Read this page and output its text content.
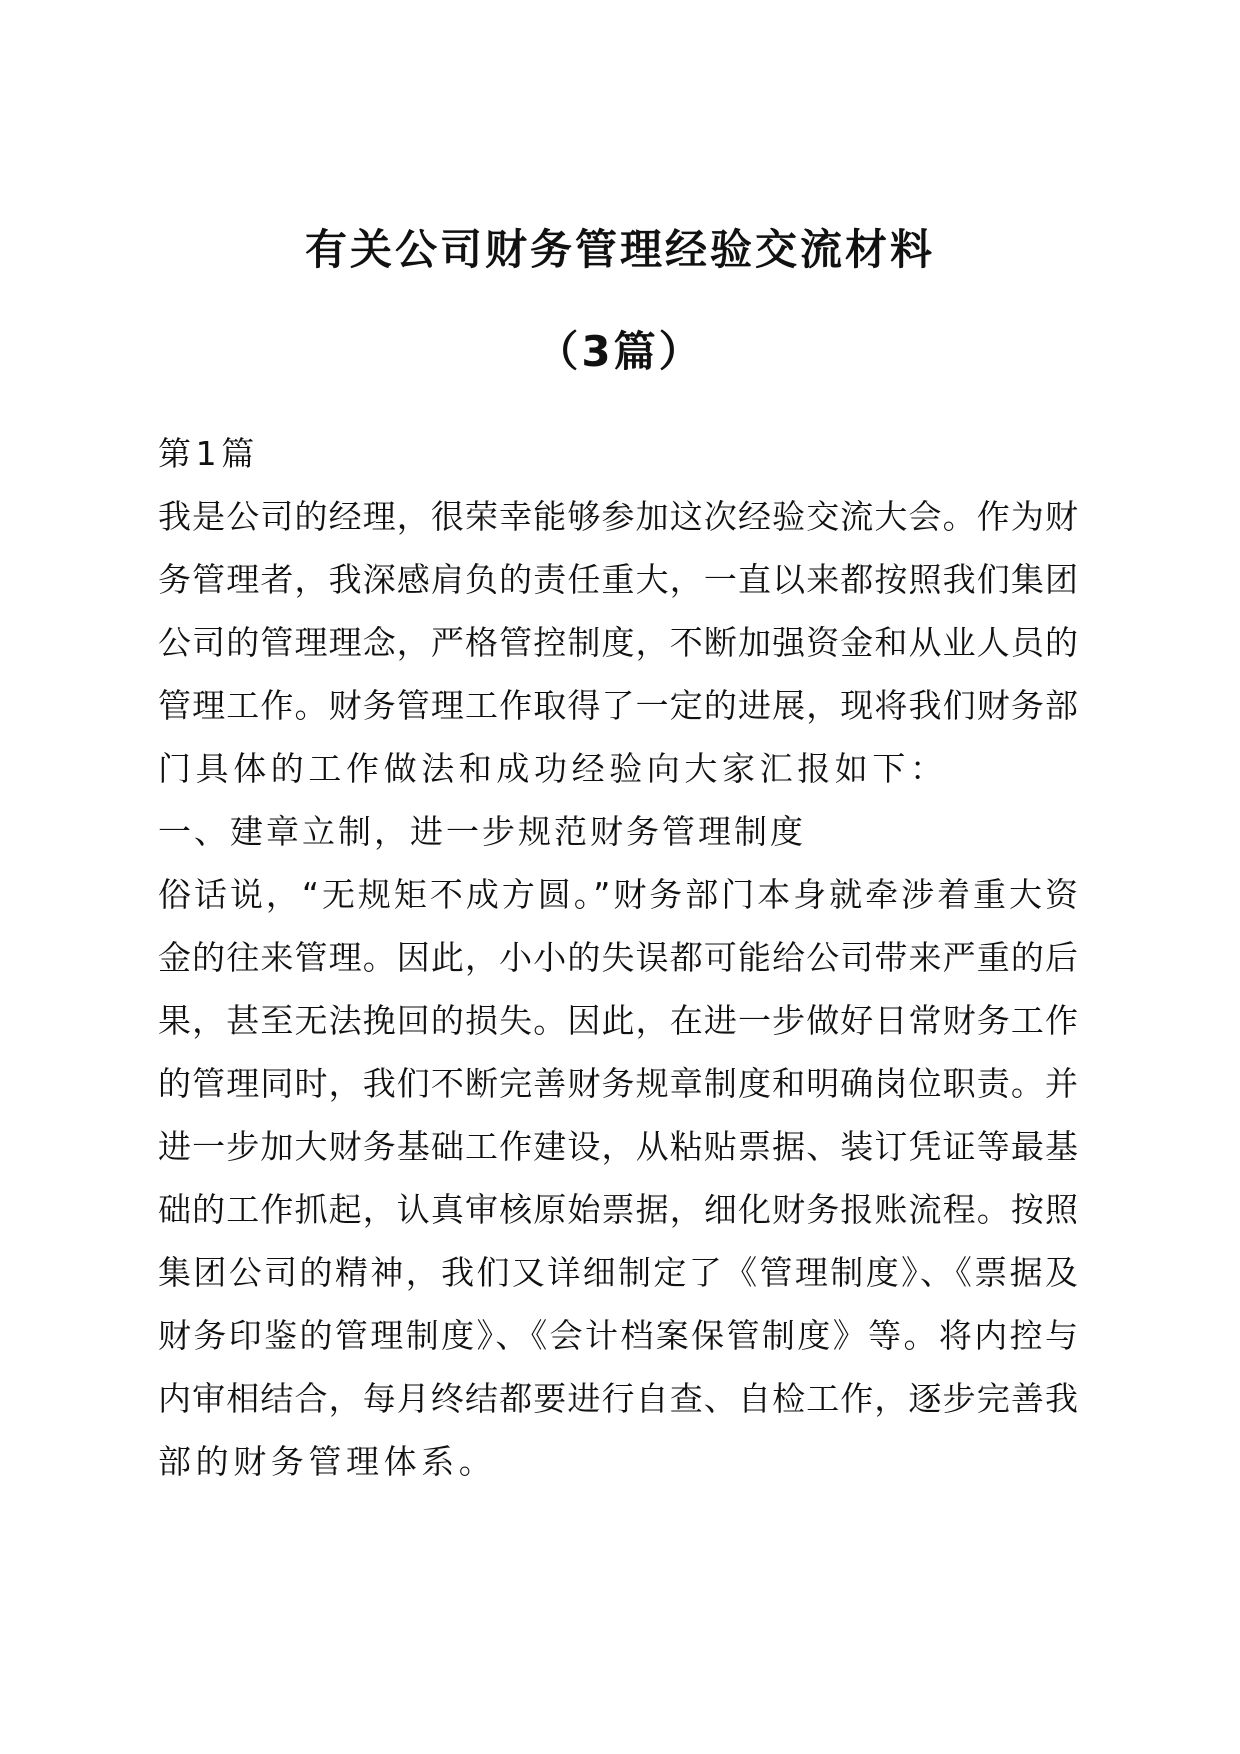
有关公司财务管理经验交流材料
（3篇）

第1篇

我是公司的经理，很荣幸能够参加这次经验交流大会。作为财

务管理者，我深感肩负的责任重大，一直以来都按照我们集团

公司的管理理念，严格管控制度，不断加强资金和从业人员的

管理工作。财务管理工作取得了一定的进展，现将我们财务部

门具体的工作做法和成功经验向大家汇报如下：

一、建章立制，进一步规范财务管理制度

俗话说，“无规矩不成方圆。”财务部门本身就牵涉着重大资

金的往来管理。因此，小小的失误都可能给公司带来严重的后

果，甚至无法挽回的损失。因此，在进一步做好日常财务工作

的管理同时，我们不断完善财务规章制度和明确岗位职责。并

进一步加大财务基础工作建设，从粘贴票据、装订凭证等最基

础的工作抓起，认真审核原始票据，细化财务报账流程。按照

集团公司的精神，我们又详细制定了《管理制度》、《票据及

财务印鉴的管理制度》、《会计档案保管制度》等。将内控与

内审相结合，每月终结都要进行自查、自检工作，逐步完善我

部的财务管理体系。
